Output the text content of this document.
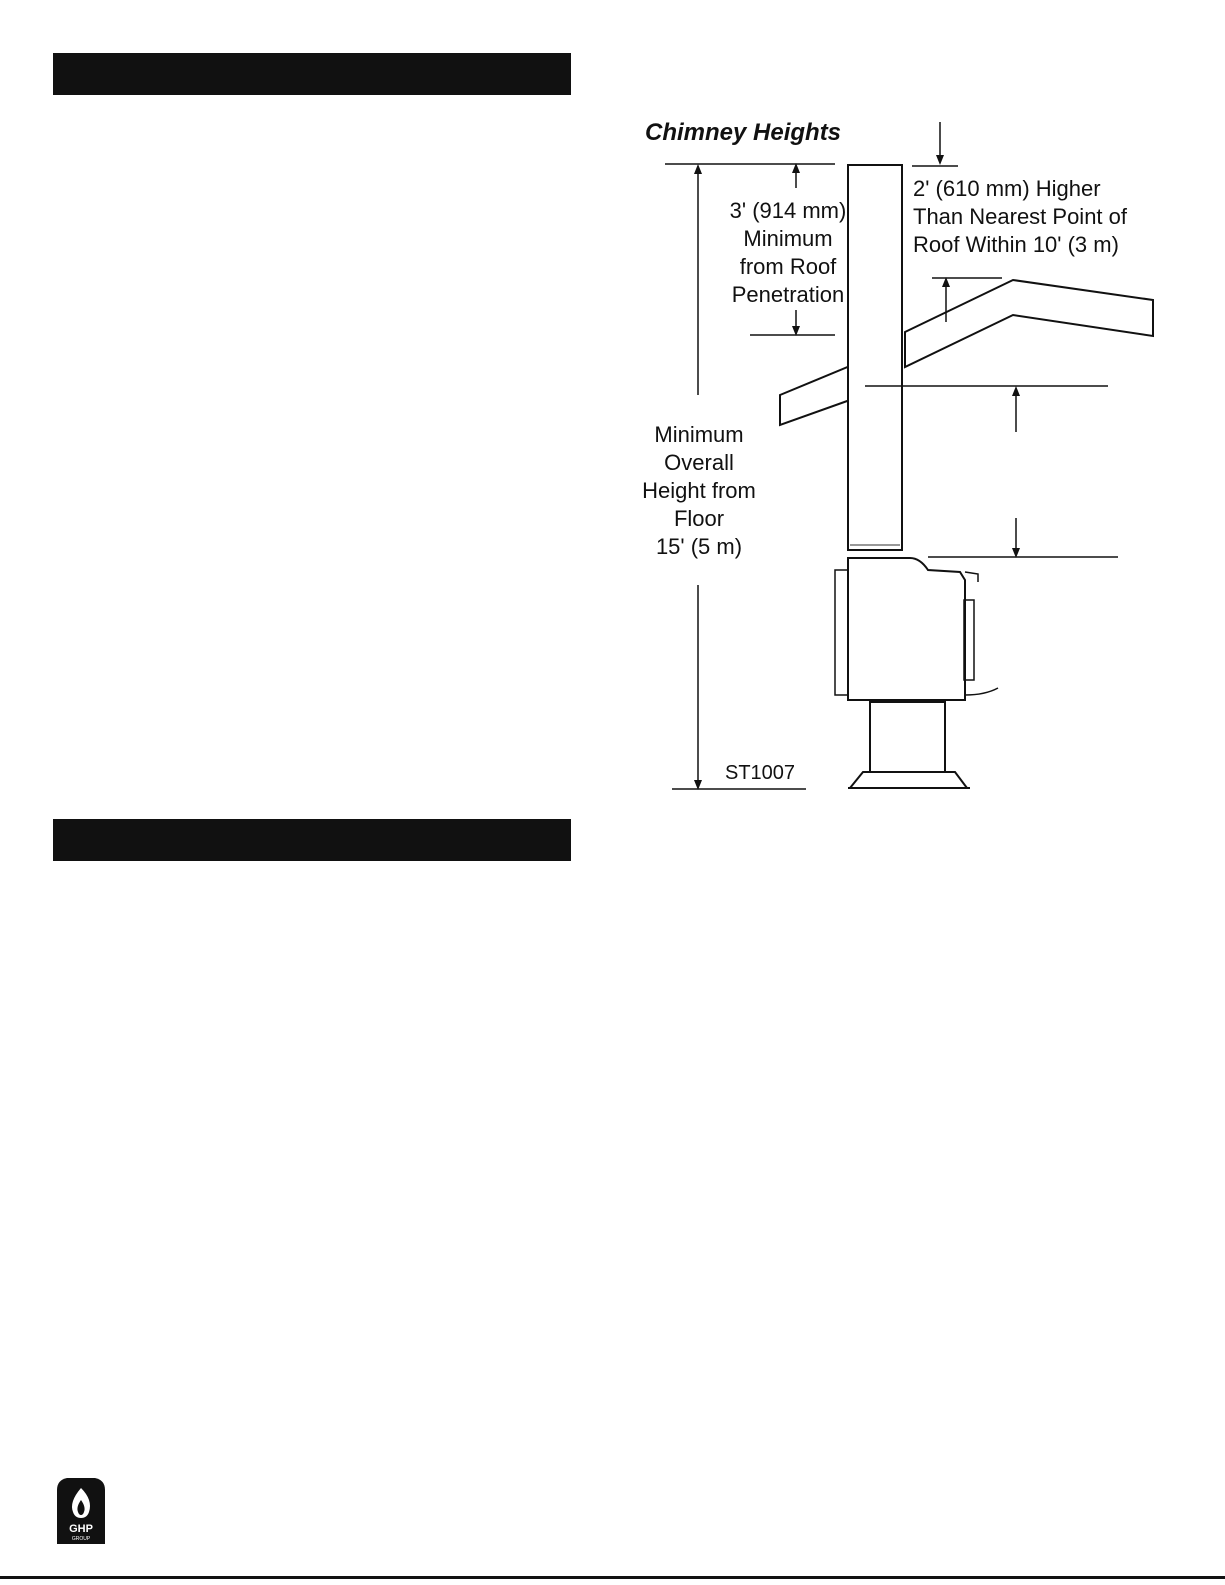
Chimney Heights
3' (914 mm)
Minimum
from Roof
Penetration
2' (610 mm) Higher
Than Nearest Point of
Roof Within 10' (3 m)
Minimum
Overall
Height from
Floor
15' (5 m)
ST1007
GHP
GROUP
